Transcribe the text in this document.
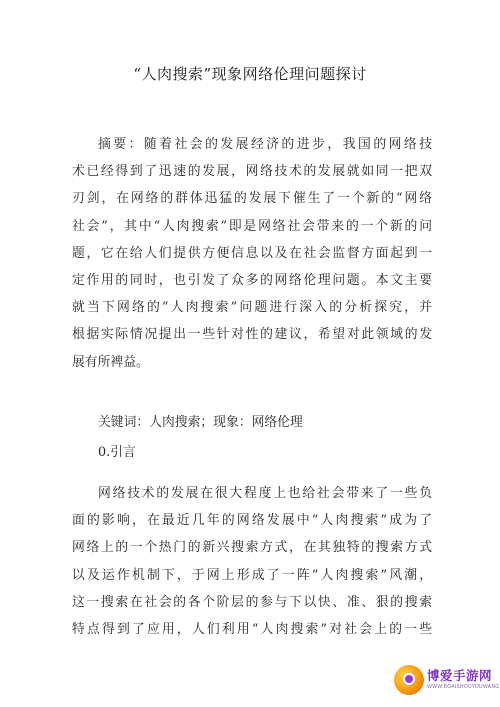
“人肉搜索”现象网络伦理问题探讨
摘要：随着社会的发展经济的进步，我国的网络技
术已经得到了迅速的发展，网络技术的发展就如同一把双
刃剑，在网络的群体迅猛的发展下催生了一个新的“网络
社会”，其中“人肉搜索”即是网络社会带来的一个新的问
题，它在给人们提供方便信息以及在社会监督方面起到一
定作用的同时，也引发了众多的网络伦理问题。本文主要
就当下网络的“人肉搜索”问题进行深入的分析探究，并
根据实际情况提出一些针对性的建议，希望对此领域的发
展有所裨益。
关键词：人肉搜索；现象：网络伦理
0.引言
网络技术的发展在很大程度上也给社会带来了一些负
面的影响，在最近几年的网络发展中“人肉搜索”成为了
网络上的一个热门的新兴搜索方式，在其独特的搜索方式
以及运作机制下，于网上形成了一阵“人肉搜索”风潮，
这一搜索在社会的各个阶层的参与下以快、准、狠的搜索
特点得到了应用，人们利用“人肉搜索”对社会上的一些
博爱手游网
WWW.BOAISHOUYOUWANG
